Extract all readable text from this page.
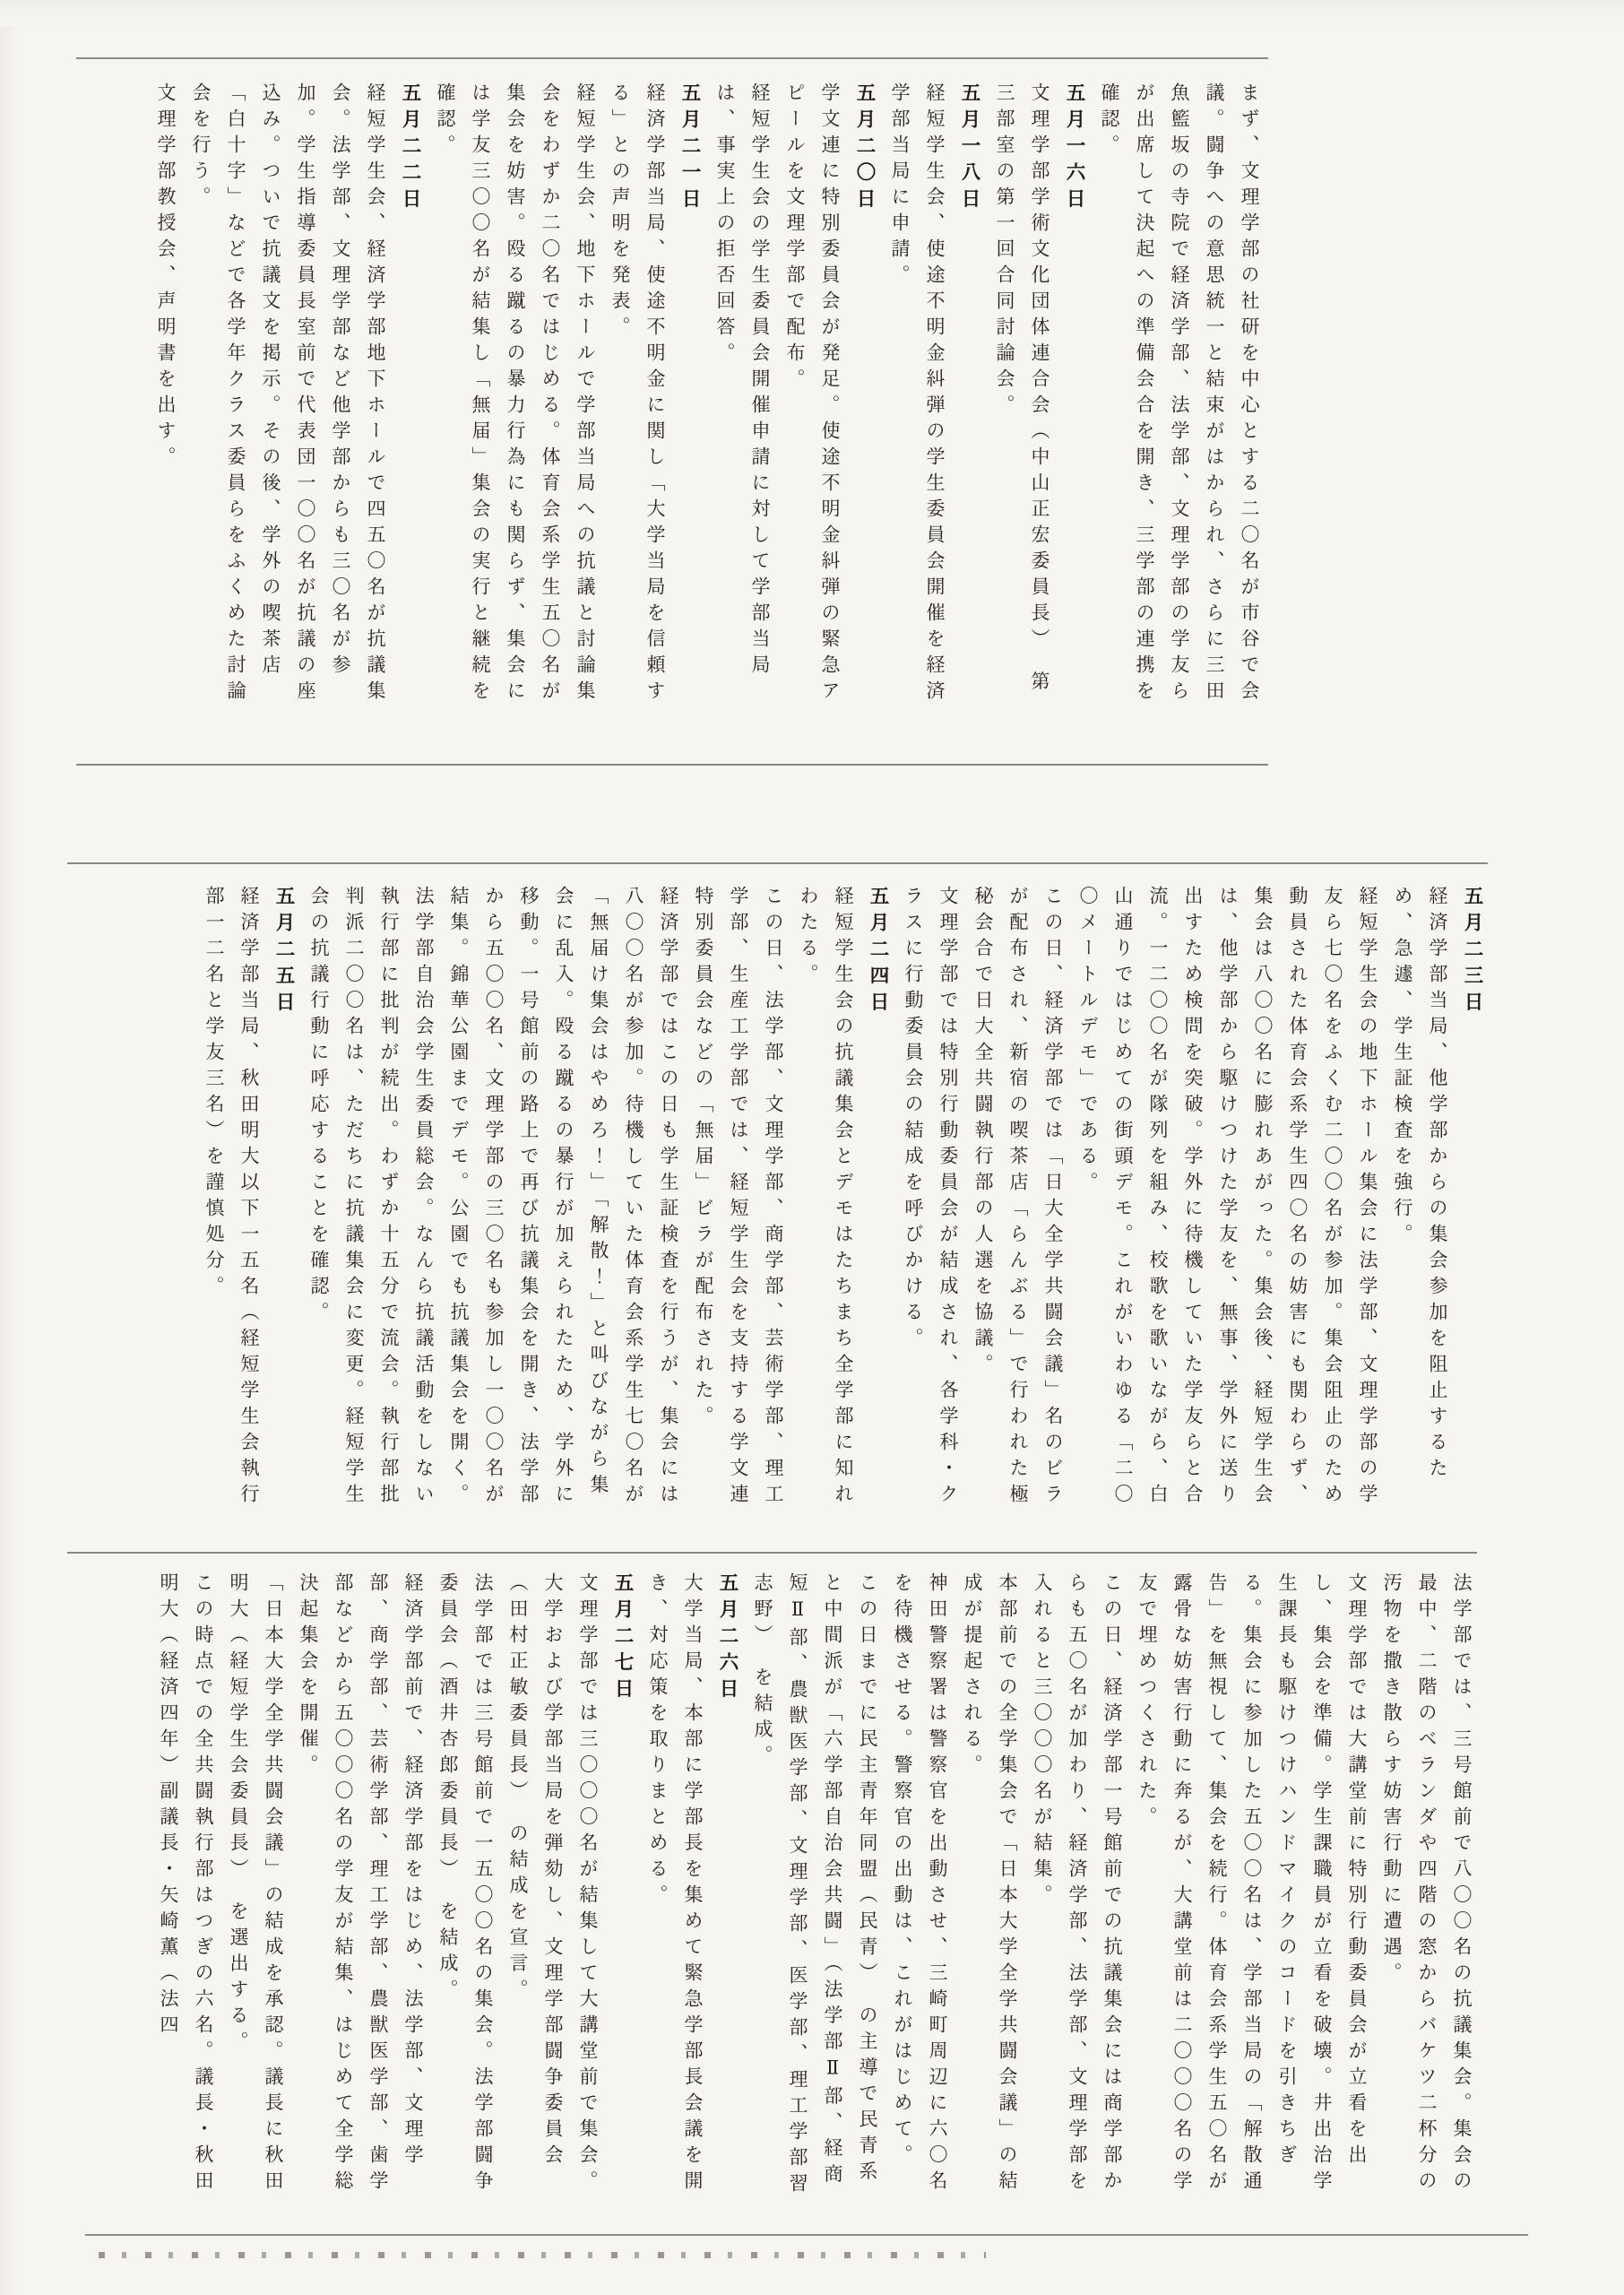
まず、文理学部の社研を中心とする二〇名が市谷で会議。闘争への意思統一と結束がはかられ、さらに三田魚籃坂の寺院で経済学部、法学部、文理学部の学友らが出席して決起への準備会合を開き、三学部の連携を確認。

五月一六日

文理学部学術文化団体連合会（中山正宏委員長）　第三部室の第一回合同討論会。

五月一八日

経短学生会、使途不明金糾弾の学生委員会開催を経済学部当局に申請。

五月二〇日

学文連に特別委員会が発足。使途不明金糾弾の緊急アピールを文理学部で配布。

経短学生会の学生委員会開催申請に対して学部当局は、事実上の拒否回答。

五月二一日

経済学部当局、使途不明金に関し「大学当局を信頼する」との声明を発表。

経短学生会、地下ホールで学部当局への抗議と討論集会をわずか二〇名ではじめる。体育会系学生五〇名が集会を妨害。殴る蹴るの暴力行為にも関らず、集会には学友三〇〇名が結集し「無届」集会の実行と継続を確認。

五月二二日

経短学生会、経済学部地下ホールで四五〇名が抗議集会。法学部、文理学部など他学部からも三〇名が参加。学生指導委員長室前で代表団一〇〇名が抗議の座込み。ついで抗議文を掲示。その後、学外の喫茶店「白十字」などで各学年クラス委員らをふくめた討論会を行う。

文理学部教授会、声明書を出す。

五月二三日

経済学部当局、他学部からの集会参加を阻止するため、急遽、学生証検査を強行。

経短学生会の地下ホール集会に法学部、文理学部の学友ら七〇名をふくむ二〇〇名が参加。集会阻止のため動員された体育会系学生四〇名の妨害にも関わらず、集会は八〇〇名に膨れあがった。集会後、経短学生会は、他学部から駆けつけた学友を、無事、学外に送り出すため検問を突破。学外に待機していた学友らと合流。一二〇〇名が隊列を組み、校歌を歌いながら、白山通りではじめての街頭デモ。これがいわゆる「二〇〇メートルデモ」である。

この日、経済学部では「日大全学共闘会議」名のビラが配布され、新宿の喫茶店「らんぶる」で行われた極秘会合で日大全共闘執行部の人選を協議。

文理学部では特別行動委員会が結成され、各学科・クラスに行動委員会の結成を呼びかける。

五月二四日

経短学生会の抗議集会とデモはたちまち全学部に知れわたる。

この日、法学部、文理学部、商学部、芸術学部、理工学部、生産工学部では、経短学生会を支持する学文連特別委員会などの「無届」ビラが配布された。

経済学部ではこの日も学生証検査を行うが、集会には八〇〇名が参加。待機していた体育会系学生七〇名が「無届け集会はやめろ！」「解散！」と叫びながら集会に乱入。殴る蹴るの暴行が加えられたため、学外に移動。一号館前の路上で再び抗議集会を開き、法学部から五〇〇名、文理学部の三〇名も参加し一〇〇名が結集。錦華公園までデモ。公園でも抗議集会を開く。

法学部自治会学生委員総会。なんら抗議活動をしない執行部に批判が続出。わずか十五分で流会。執行部批判派二〇〇名は、ただちに抗議集会に変更。経短学生会の抗議行動に呼応することを確認。

五月二五日

経済学部当局、秋田明大以下一五名（経短学生会執行部一二名と学友三名）を謹慎処分。

法学部では、三号館前で八〇〇名の抗議集会。集会の最中、二階のベランダや四階の窓からバケツ二杯分の汚物を撒き散らす妨害行動に遭遇。

文理学部では大講堂前に特別行動委員会が立看を出し、集会を準備。学生課職員が立看を破壊。井出治学生課長も駆けつけハンドマイクのコードを引きちぎる。集会に参加した五〇〇名は、学部当局の「解散通告」を無視して、集会を続行。体育会系学生五〇名が露骨な妨害行動に奔るが、大講堂前は二〇〇〇名の学友で埋めつくされた。

この日、経済学部一号館前での抗議集会には商学部からも五〇名が加わり、経済学部、法学部、文理学部を入れると三〇〇〇名が結集。

本部前での全学集会で「日本大学全学共闘会議」の結成が提起される。

神田警察署は警察官を出動させ、三崎町周辺に六〇名を待機させる。警察官の出動は、これがはじめて。

この日までに民主青年同盟（民青）　の主導で民青系と中間派が「六学部自治会共闘」（法学部Ⅱ部、経商短Ⅱ部、農獣医学部、文理学部、医学部、理工学部習志野）　を結成。

五月二六日

大学当局、本部に学部長を集めて緊急学部長会議を開き、対応策を取りまとめる。

五月二七日

文理学部では三〇〇〇名が結集して大講堂前で集会。大学および学部当局を弾劾し、文理学部闘争委員会（田村正敏委員長）　の結成を宣言。

法学部では三号館前で一五〇〇名の集会。法学部闘争委員会（酒井杏郎委員長）　を結成。

経済学部前で、経済学部をはじめ、法学部、文理学部、商学部、芸術学部、理工学部、農獣医学部、歯学部などから五〇〇〇名の学友が結集、はじめて全学総決起集会を開催。

「日本大学全学共闘会議」の結成を承認。議長に秋田明大（経短学生会委員長）　を選出する。

この時点での全共闘執行部はつぎの六名。議長・秋田明大（経済四年）副議長・矢崎薫（法四
